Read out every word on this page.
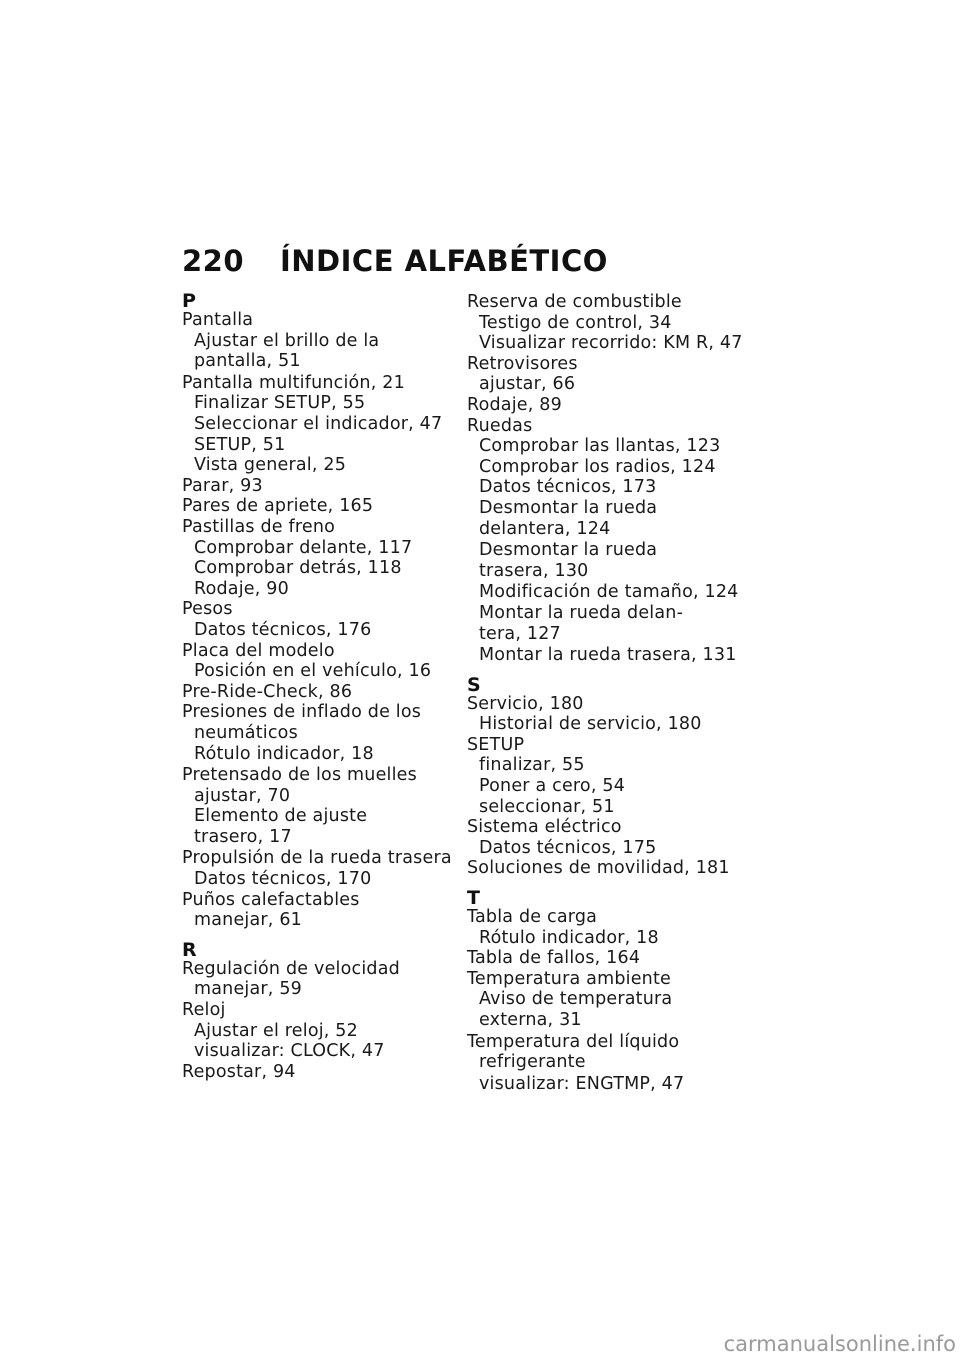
220	ÍNDICE ALFABÉTICO
P
Pantalla
Ajustar el brillo de la
pantalla, 51
Pantalla multifunción, 21
Finalizar SETUP, 55
Seleccionar el indicador, 47
SETUP, 51
Vista general, 25
Parar, 93
Pares de apriete, 165
Pastillas de freno
Comprobar delante, 117
Comprobar detrás, 118
Rodaje, 90
Pesos
Datos técnicos, 176
Placa del modelo
Posición en el vehículo, 16
Pre-Ride-Check, 86
Presiones de inflado de los
neumáticos
Rótulo indicador, 18
Pretensado de los muelles
ajustar, 70
Elemento de ajuste
trasero, 17
Propulsión de la rueda trasera
Datos técnicos, 170
Puños calefactables
manejar, 61
R
Regulación de velocidad
manejar, 59
Reloj
Ajustar el reloj, 52
visualizar: CLOCK, 47
Repostar, 94
Reserva de combustible
Testigo de control, 34
Visualizar recorrido: KM R, 47
Retrovisores
ajustar, 66
Rodaje, 89
Ruedas
Comprobar las llantas, 123
Comprobar los radios, 124
Datos técnicos, 173
Desmontar la rueda
delantera, 124
Desmontar la rueda
trasera, 130
Modificación de tamaño, 124
Montar la rueda delan-
tera, 127
Montar la rueda trasera, 131
S
Servicio, 180
Historial de servicio, 180
SETUP
finalizar, 55
Poner a cero, 54
seleccionar, 51
Sistema eléctrico
Datos técnicos, 175
Soluciones de movilidad, 181
T
Tabla de carga
Rótulo indicador, 18
Tabla de fallos, 164
Temperatura ambiente
Aviso de temperatura
externa, 31
Temperatura del líquido
refrigerante
visualizar: ENGTMP, 47
carmanualsonline.info
